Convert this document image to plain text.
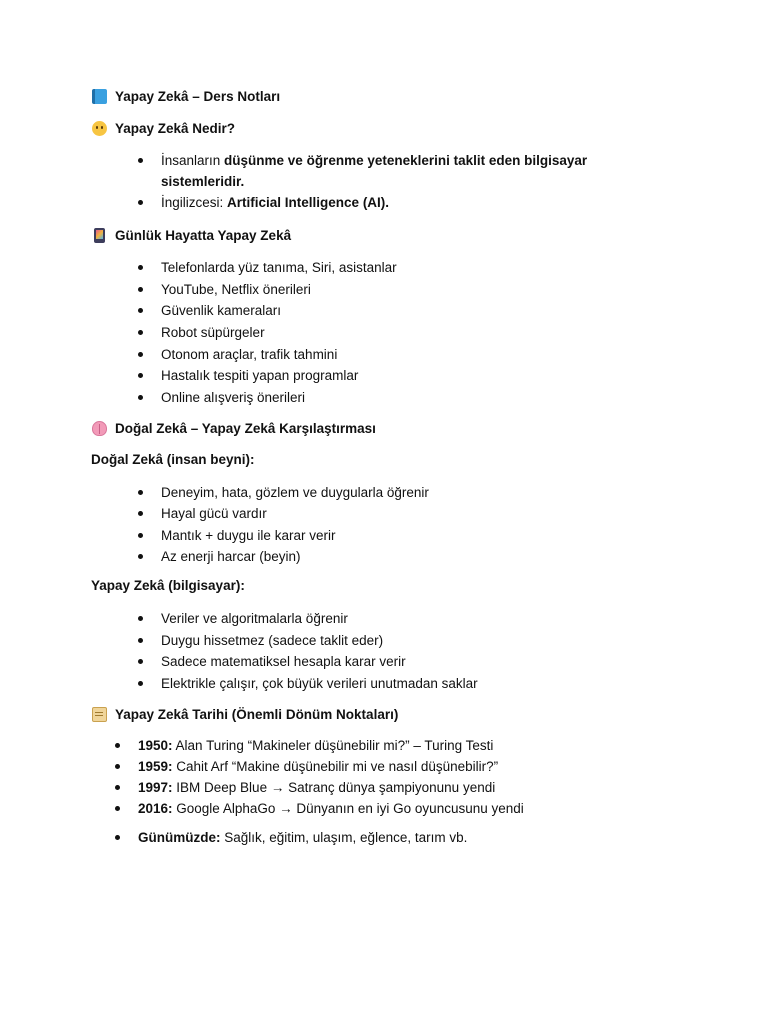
Yapay Zekâ – Ders Notları
Yapay Zekâ Nedir?
İnsanların düşünme ve öğrenme yeteneklerini taklit eden bilgisayar
sistemleridir.
İngilizcesi: Artificial Intelligence (AI).
Günlük Hayatta Yapay Zekâ
Telefonlarda yüz tanıma, Siri, asistanlar
YouTube, Netflix önerileri
Güvenlik kameraları
Robot süpürgeler
Otonom araçlar, trafik tahmini
Hastalık tespiti yapan programlar
Online alışveriş önerileri
Doğal Zekâ – Yapay Zekâ Karşılaştırması
Doğal Zekâ (insan beyni):
Deneyim, hata, gözlem ve duygularla öğrenir
Hayal gücü vardır
Mantık + duygu ile karar verir
Az enerji harcar (beyin)
Yapay Zekâ (bilgisayar):
Veriler ve algoritmalarla öğrenir
Duygu hissetmez (sadece taklit eder)
Sadece matematiksel hesapla karar verir
Elektrikle çalışır, çok büyük verileri unutmadan saklar
Yapay Zekâ Tarihi (Önemli Dönüm Noktaları)
1950: Alan Turing “Makineler düşünebilir mi?” – Turing Testi
1959: Cahit Arf “Makine düşünebilir mi ve nasıl düşünebilir?”
1997: IBM Deep Blue → Satranç dünya şampiyonunu yendi
2016: Google AlphaGo → Dünyanın en iyi Go oyuncusunu yendi
Günümüzde: Sağlık, eğitim, ulaşım, eğlence, tarım vb.
